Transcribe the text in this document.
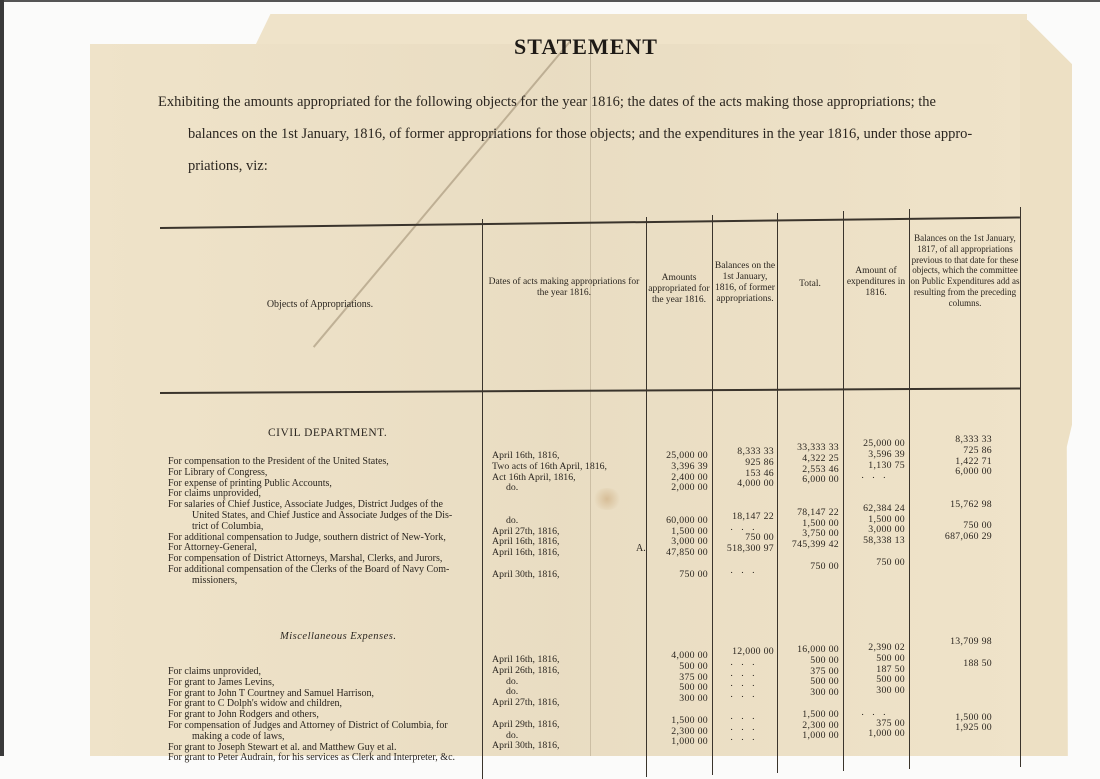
STATEMENT

Exhibiting the amounts appropriated for the following objects for the year 1816; the dates of the acts making those appropriations; the

balances on the 1st January, 1816, of former appropriations for those objects; and the expenditures in the year 1816, under those appro-

priations, viz:

Objects of Appropriations.
Dates of acts making appropriations for the year 1816.
Amounts appropriated for the year 1816.
Balances on the 1st January, 1816, of former appropriations.
Total.
Amount of expenditures in 1816.
Balances on the 1st January, 1817, of all appropriations previous to that date for these objects, which the committee on Public Expenditures add as resulting from the preceding columns.
CIVIL DEPARTMENT.
For compensation to the President of the United States,
For Library of Congress,
For expense of printing Public Accounts,
For claims unprovided,
For salaries of Chief Justice, Associate Judges, District Judges of the
United States, and Chief Justice and Associate Judges of the Dis-
trict of Columbia,
For additional compensation to Judge, southern district of New-York,
For Attorney-General,
For compensation of District Attorneys, Marshal, Clerks, and Jurors,
For additional compensation of the Clerks of the Board of Navy Com-
missioners,
April 16th, 1816,
Two acts of 16th April, 1816,
Act 16th April, 1816,
do.
do.
April 27th, 1816,
April 16th, 1816,
April 16th, 1816,
April 30th, 1816,
A.
25,000 00
3,396 39
2,400 00
2,000 00
60,000 00
1,500 00
3,000 00
47,850 00
750 00
8,333 33
925 86
153 46
4,000 00
18,147 22
. . .
750 00
518,300 97
. . .
33,333 33
4,322 25
2,553 46
6,000 00
78,147 22
1,500 00
3,750 00
745,399 42
750 00
25,000 00
3,596 39
1,130 75
. . .
62,384 24
1,500 00
3,000 00
58,338 13
750 00
8,333 33
725 86
1,422 71
6,000 00
15,762 98
750 00
687,060 29
Miscellaneous Expenses.
For claims unprovided,
For grant to James Levins,
For grant to John T Courtney and Samuel Harrison,
For grant to C Dolph's widow and children,
For grant to John Rodgers and others,
For compensation of Judges and Attorney of District of Columbia, for
making a code of laws,
For grant to Joseph Stewart et al. and Matthew Guy et al.
For grant to Peter Audrain, for his services as Clerk and Interpreter, &c.
April 16th, 1816,
April 26th, 1816,
do.
do.
April 27th, 1816,
April 29th, 1816,
do.
April 30th, 1816,
4,000 00
500 00
375 00
500 00
300 00
1,500 00
2,300 00
1,000 00
12,000 00
. . .
. . .
. . .
. . .
. . .
. . .
. . .
16,000 00
500 00
375 00
500 00
300 00
1,500 00
2,300 00
1,000 00
2,390 02
500 00
187 50
500 00
300 00
. . .
375 00
1,000 00
13,709 98
188 50
1,500 00
1,925 00
